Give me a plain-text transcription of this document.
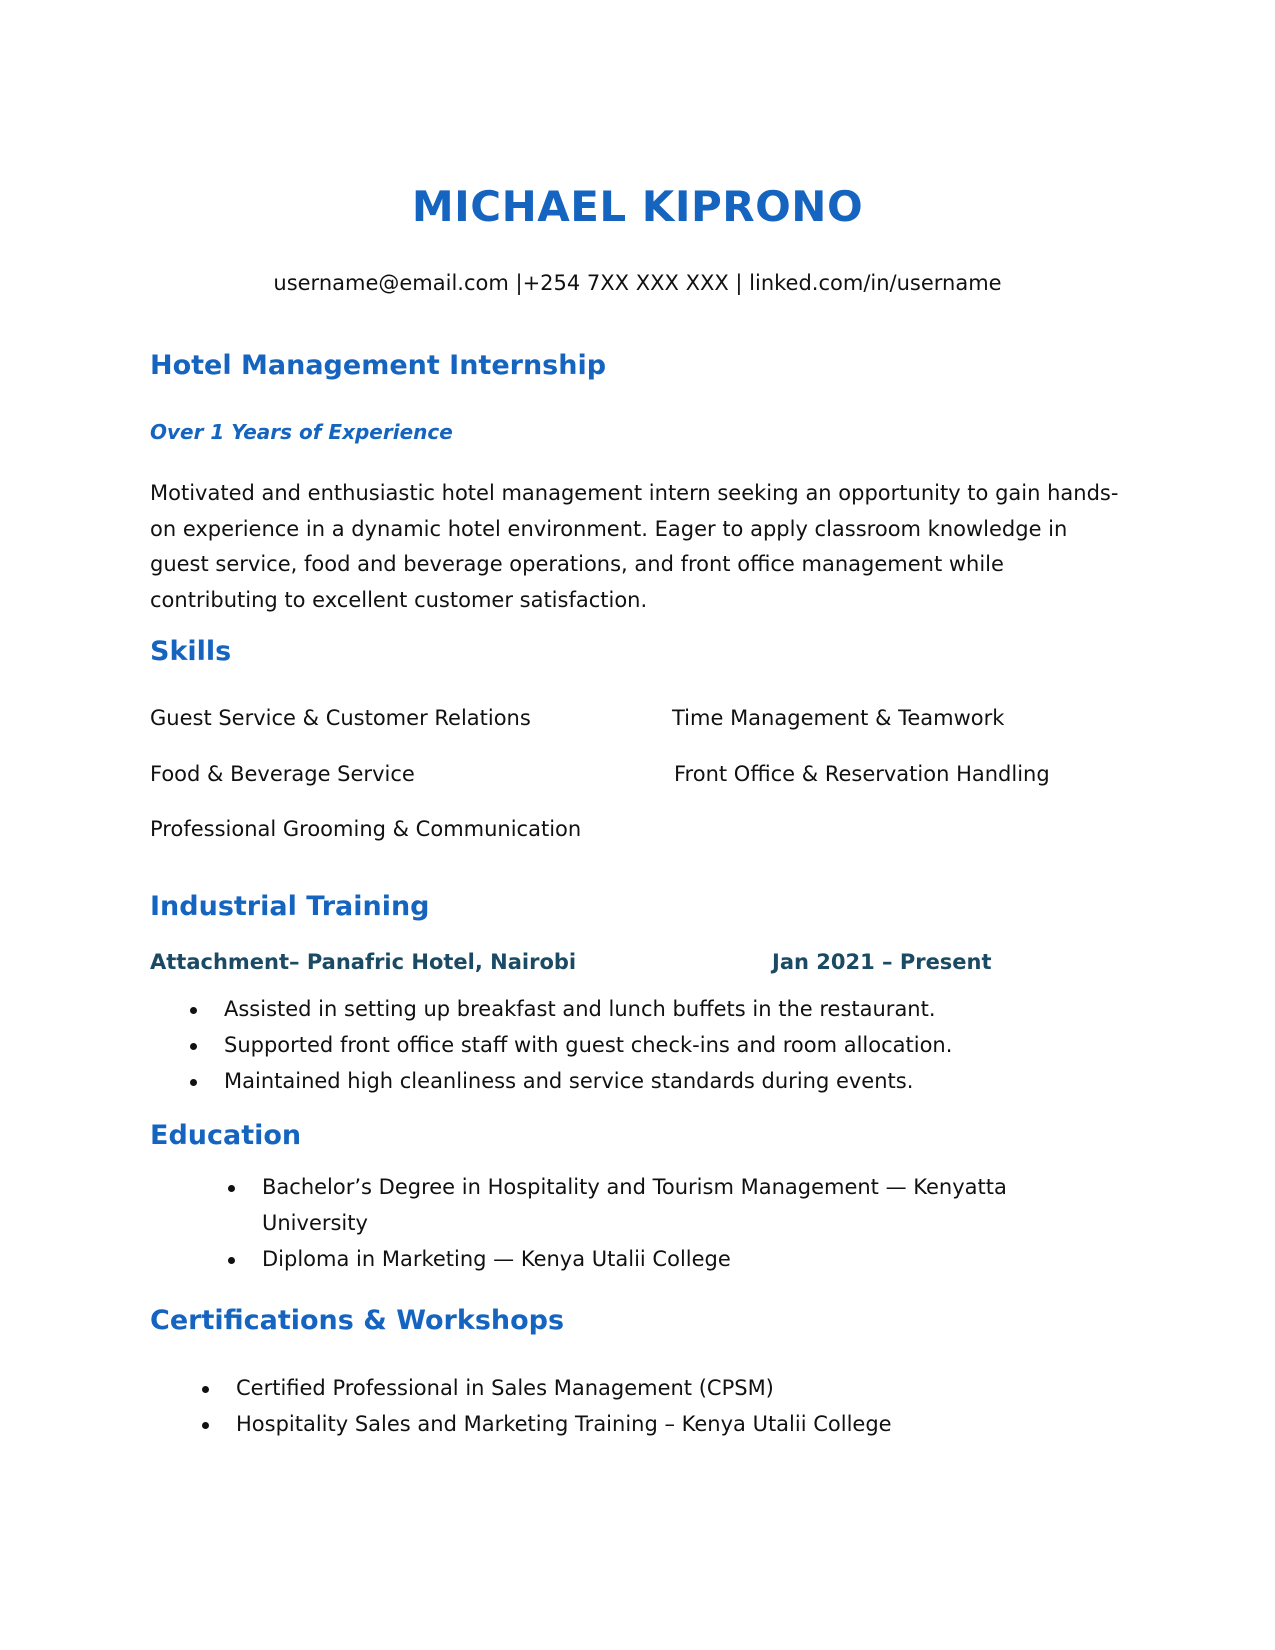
MICHAEL KIPRONO
username@email.com |+254 7XX XXX XXX | linked.com/in/username
Hotel Management Internship
Over 1 Years of Experience
Motivated and enthusiastic hotel management intern seeking an opportunity to gain hands-on experience in a dynamic hotel environment. Eager to apply classroom knowledge in guest service, food and beverage operations, and front office management while contributing to excellent customer satisfaction.
Skills
Guest Service & Customer Relations	Time Management & Teamwork
Food & Beverage Service	Front Office & Reservation Handling
Professional Grooming & Communication
Industrial Training
Attachment– Panafric Hotel, Nairobi	Jan 2021 – Present
Assisted in setting up breakfast and lunch buffets in the restaurant.
Supported front office staff with guest check-ins and room allocation.
Maintained high cleanliness and service standards during events.
Education
Bachelor’s Degree in Hospitality and Tourism Management — Kenyatta University
Diploma in Marketing — Kenya Utalii College
Certifications & Workshops
Certified Professional in Sales Management (CPSM)
Hospitality Sales and Marketing Training – Kenya Utalii College
